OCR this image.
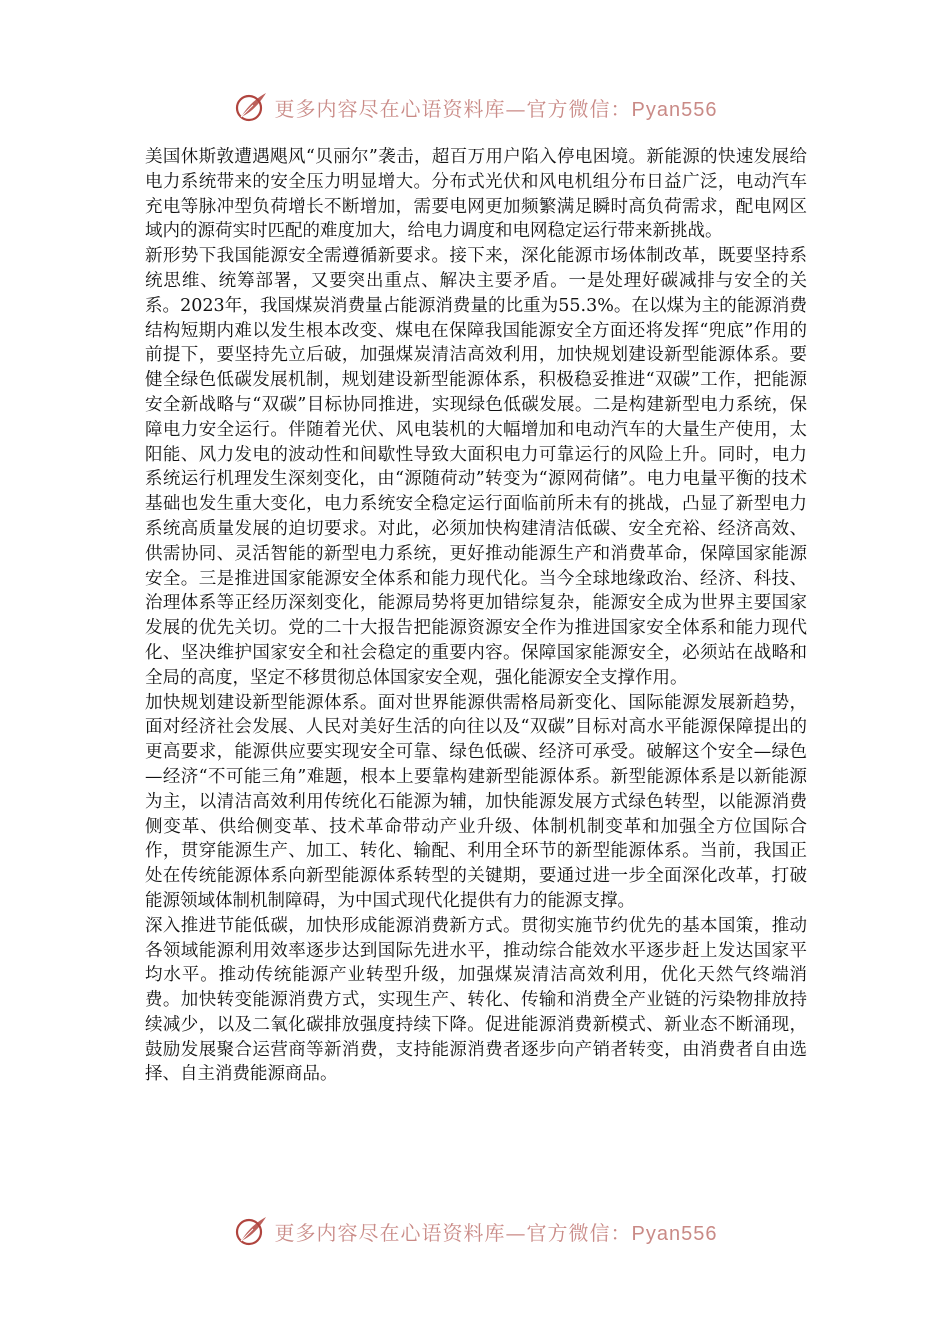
更多内容尽在心语资料库—官方微信：Pyan556

美国休斯敦遭遇飓风“贝丽尔”袭击，超百万用户陷入停电困境。新能源的快速发展给电力系统带来的安全压力明显增大。分布式光伏和风电机组分布日益广泛，电动汽车充电等脉冲型负荷增长不断增加，需要电网更加频繁满足瞬时高负荷需求，配电网区域内的源荷实时匹配的难度加大，给电力调度和电网稳定运行带来新挑战。

新形势下我国能源安全需遵循新要求。接下来，深化能源市场体制改革，既要坚持系统思维、统筹部署，又要突出重点、解决主要矛盾。一是处理好碳减排与安全的关系。2023年，我国煤炭消费量占能源消费量的比重为55.3%。在以煤为主的能源消费结构短期内难以发生根本改变、煤电在保障我国能源安全方面还将发挥“兜底”作用的前提下，要坚持先立后破，加强煤炭清洁高效利用，加快规划建设新型能源体系。要健全绿色低碳发展机制，规划建设新型能源体系，积极稳妥推进“双碳”工作，把能源安全新战略与“双碳”目标协同推进，实现绿色低碳发展。二是构建新型电力系统，保障电力安全运行。伴随着光伏、风电装机的大幅增加和电动汽车的大量生产使用，太阳能、风力发电的波动性和间歇性导致大面积电力可靠运行的风险上升。同时，电力系统运行机理发生深刻变化，由“源随荷动”转变为“源网荷储”。电力电量平衡的技术基础也发生重大变化，电力系统安全稳定运行面临前所未有的挑战，凸显了新型电力系统高质量发展的迫切要求。对此，必须加快构建清洁低碳、安全充裕、经济高效、供需协同、灵活智能的新型电力系统，更好推动能源生产和消费革命，保障国家能源安全。三是推进国家能源安全体系和能力现代化。当今全球地缘政治、经济、科技、治理体系等正经历深刻变化，能源局势将更加错综复杂，能源安全成为世界主要国家发展的优先关切。党的二十大报告把能源资源安全作为推进国家安全体系和能力现代化、坚决维护国家安全和社会稳定的重要内容。保障国家能源安全，必须站在战略和全局的高度，坚定不移贯彻总体国家安全观，强化能源安全支撑作用。

加快规划建设新型能源体系。面对世界能源供需格局新变化、国际能源发展新趋势，面对经济社会发展、人民对美好生活的向往以及“双碳”目标对高水平能源保障提出的更高要求，能源供应要实现安全可靠、绿色低碳、经济可承受。破解这个安全—绿色—经济“不可能三角”难题，根本上要靠构建新型能源体系。新型能源体系是以新能源为主，以清洁高效利用传统化石能源为辅，加快能源发展方式绿色转型，以能源消费侧变革、供给侧变革、技术革命带动产业升级、体制机制变革和加强全方位国际合作，贯穿能源生产、加工、转化、输配、利用全环节的新型能源体系。当前，我国正处在传统能源体系向新型能源体系转型的关键期，要通过进一步全面深化改革，打破能源领域体制机制障碍，为中国式现代化提供有力的能源支撑。

深入推进节能低碳，加快形成能源消费新方式。贯彻实施节约优先的基本国策，推动各领域能源利用效率逐步达到国际先进水平，推动综合能效水平逐步赶上发达国家平均水平。推动传统能源产业转型升级，加强煤炭清洁高效利用，优化天然气终端消费。加快转变能源消费方式，实现生产、转化、传输和消费全产业链的污染物排放持续减少，以及二氧化碳排放强度持续下降。促进能源消费新模式、新业态不断涌现，鼓励发展聚合运营商等新消费，支持能源消费者逐步向产销者转变，由消费者自由选择、自主消费能源商品。

更多内容尽在心语资料库—官方微信：Pyan556
